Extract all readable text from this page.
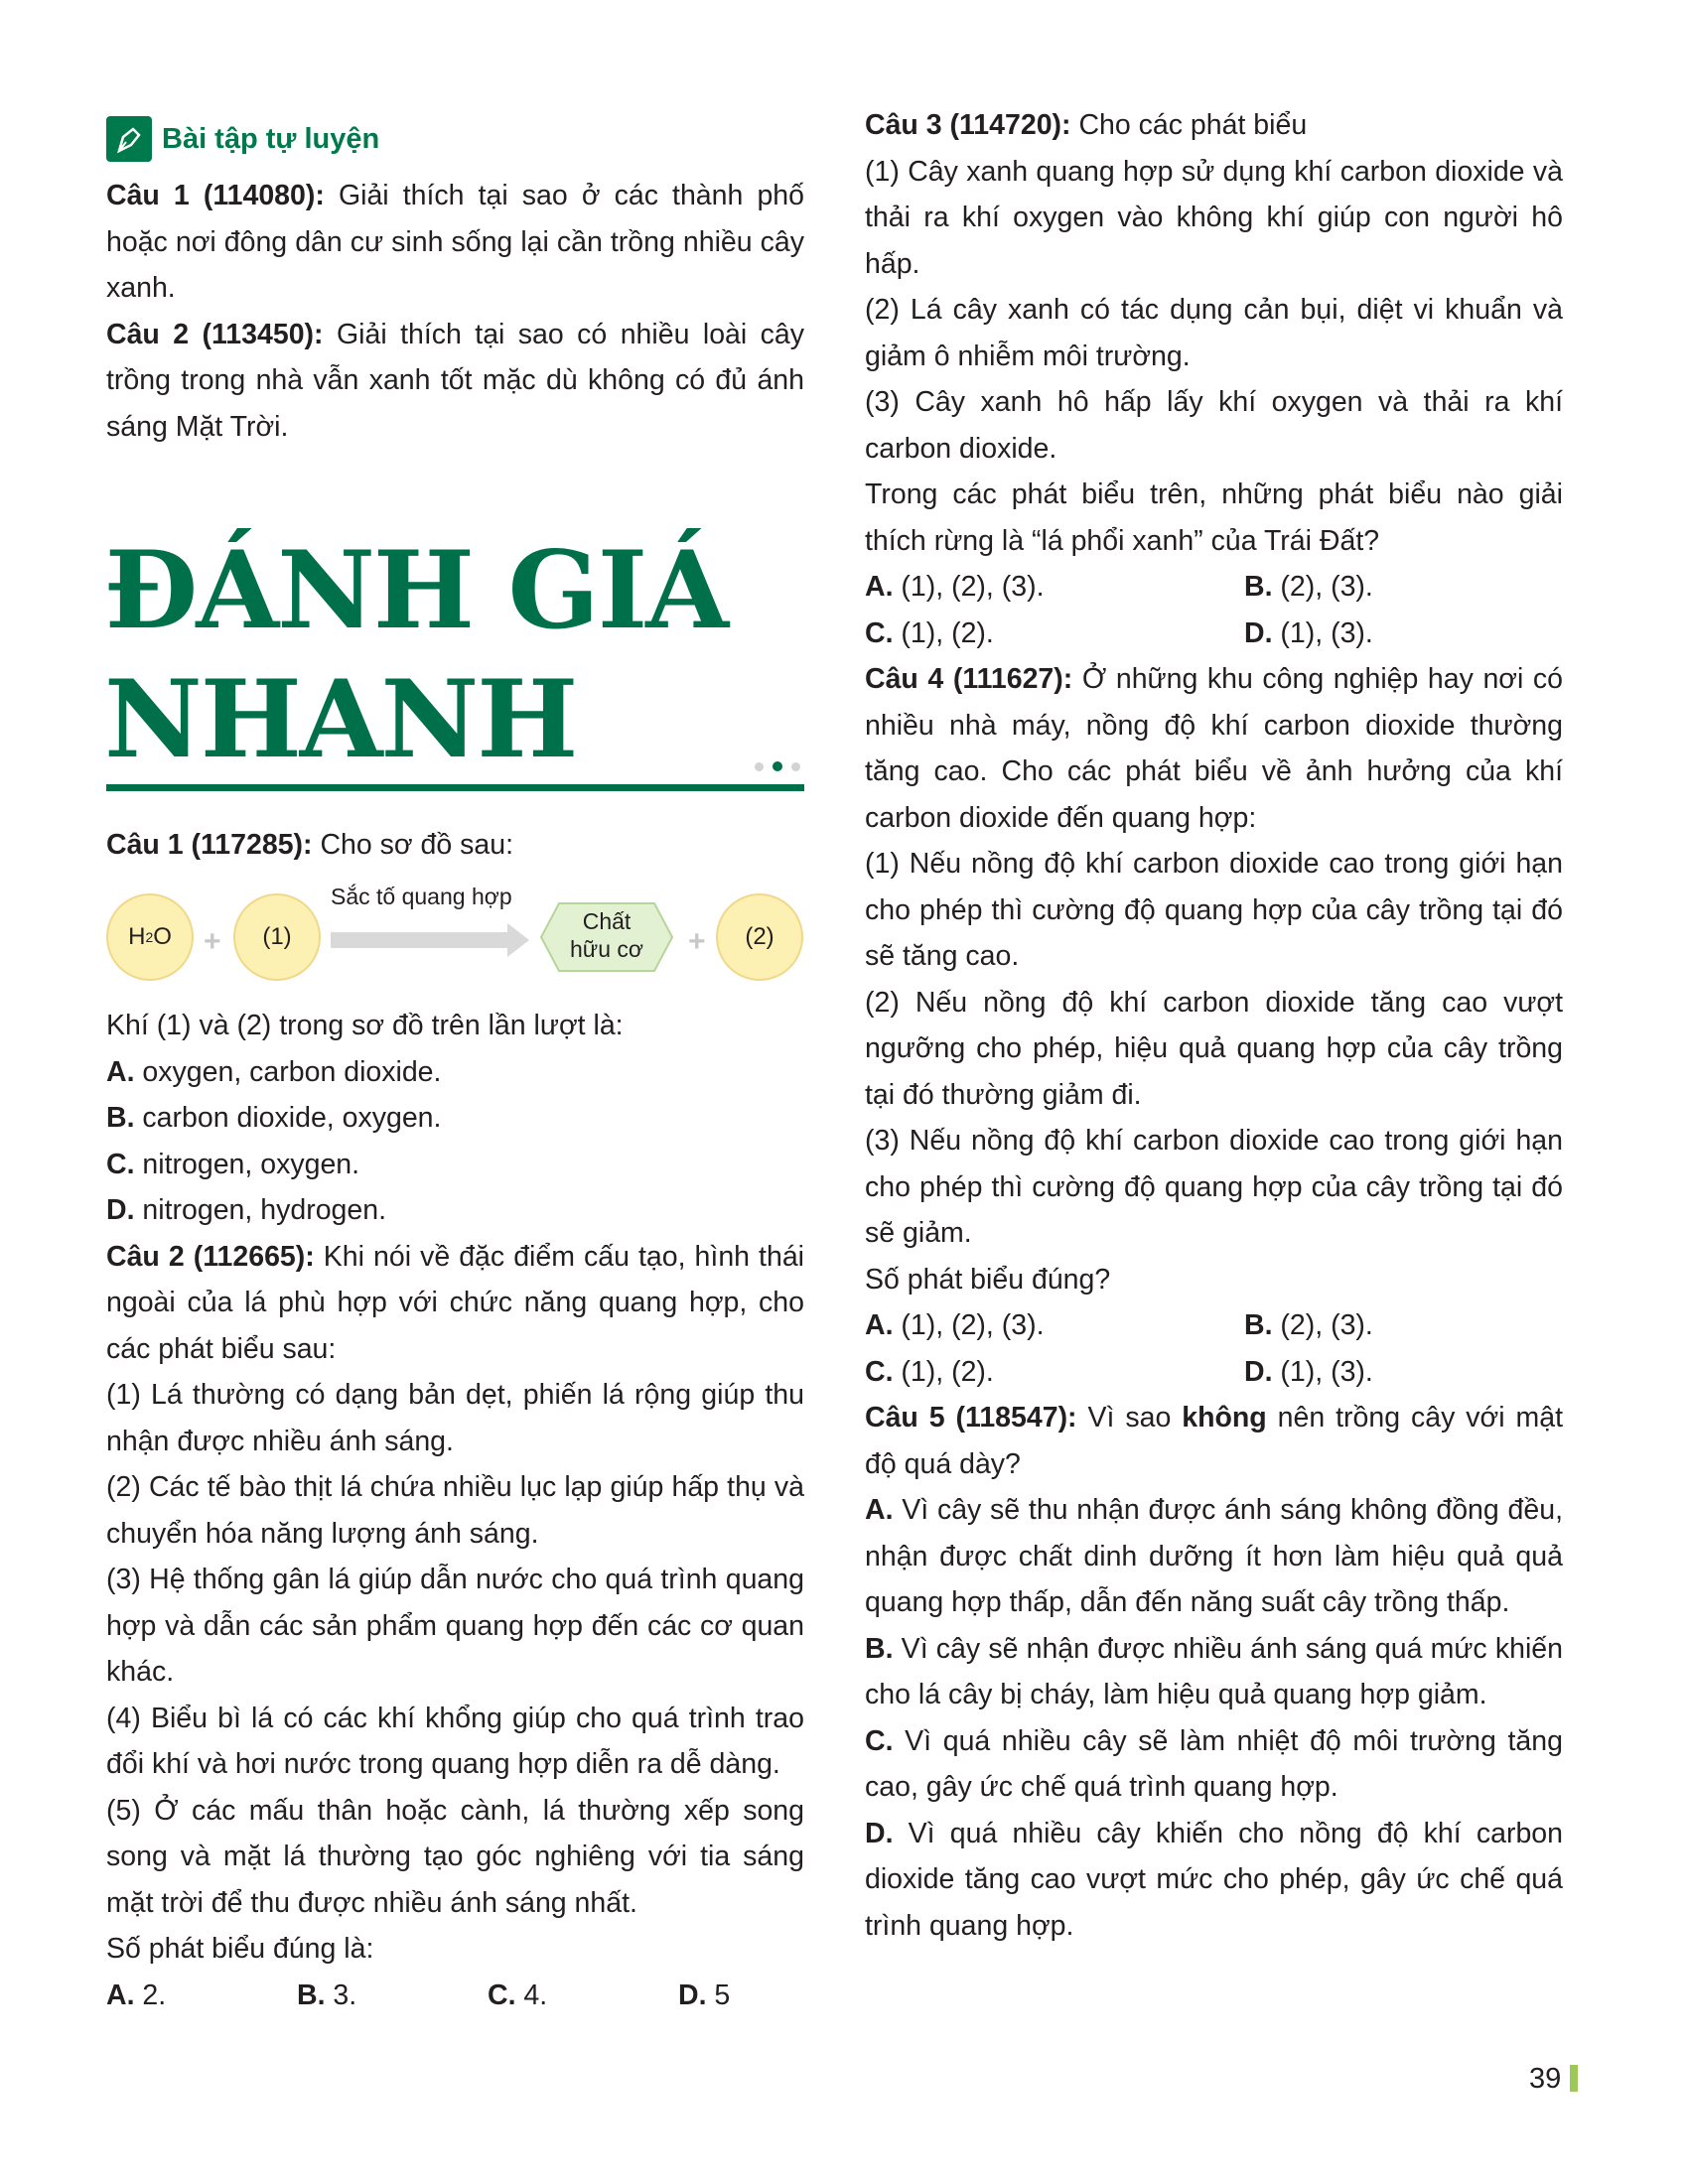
Bài tập tự luyện

Câu 1 (114080): Giải thích tại sao ở các thành phố hoặc nơi đông dân cư sinh sống lại cần trồng nhiều cây xanh.

Câu 2 (113450): Giải thích tại sao có nhiều loài cây trồng trong nhà vẫn xanh tốt mặc dù không có đủ ánh sáng Mặt Trời.

ĐÁNH GIÁ
NHANH

Câu 1 (117285): Cho sơ đồ sau:

H 2 O +	(1)
Sắc tố quang hợp
Chất
hữu cơ	+	(2)

Khí (1) và (2) trong sơ đồ trên lần lượt là:

A. oxygen, carbon dioxide.

B. carbon dioxide, oxygen.

C. nitrogen, oxygen.

D. nitrogen, hydrogen.

Câu 2 (112665): Khi nói về đặc điểm cấu tạo, hình thái ngoài của lá phù hợp với chức năng quang hợp, cho các phát biểu sau:

(1) Lá thường có dạng bản dẹt, phiến lá rộng giúp thu nhận được nhiều ánh sáng.

(2) Các tế bào thịt lá chứa nhiều lục lạp giúp hấp thụ và chuyển hóa năng lượng ánh sáng.

(3) Hệ thống gân lá giúp dẫn nước cho quá trình quang hợp và dẫn các sản phẩm quang hợp đến các cơ quan khác.

(4) Biểu bì lá có các khí khổng giúp cho quá trình trao đổi khí và hơi nước trong quang hợp diễn ra dễ dàng.

(5) Ở các mấu thân hoặc cành, lá thường xếp song song và mặt lá thường tạo góc nghiêng với tia sáng mặt trời để thu được nhiều ánh sáng nhất.

Số phát biểu đúng là:

A. 2.	B. 3.	C. 4.	D. 5

Câu 3 (114720): Cho các phát biểu

(1) Cây xanh quang hợp sử dụng khí carbon dioxide và thải ra khí oxygen vào không khí giúp con người hô hấp.

(2) Lá cây xanh có tác dụng cản bụi, diệt vi khuẩn và giảm ô nhiễm môi trường.

(3) Cây xanh hô hấp lấy khí oxygen và thải ra khí carbon dioxide.

Trong các phát biểu trên, những phát biểu nào giải thích rừng là “lá phổi xanh” của Trái Đất?

A. (1), (2), (3).	B. (2), (3).
C. (1), (2).	D. (1), (3).

Câu 4 (111627): Ở những khu công nghiệp hay nơi có nhiều nhà máy, nồng độ khí carbon dioxide thường tăng cao. Cho các phát biểu về ảnh hưởng của khí carbon dioxide đến quang hợp:

(1) Nếu nồng độ khí carbon dioxide cao trong giới hạn cho phép thì cường độ quang hợp của cây trồng tại đó sẽ tăng cao.

(2) Nếu nồng độ khí carbon dioxide tăng cao vượt ngưỡng cho phép, hiệu quả quang hợp của cây trồng tại đó thường giảm đi.

(3) Nếu nồng độ khí carbon dioxide cao trong giới hạn cho phép thì cường độ quang hợp của cây trồng tại đó sẽ giảm.

Số phát biểu đúng?

A. (1), (2), (3).	B. (2), (3).
C. (1), (2).	D. (1), (3).

Câu 5 (118547): Vì sao không nên trồng cây với mật độ quá dày?

A. Vì cây sẽ thu nhận được ánh sáng không đồng đều, nhận được chất dinh dưỡng ít hơn làm hiệu quả quả quang hợp thấp, dẫn đến năng suất cây trồng thấp.

B. Vì cây sẽ nhận được nhiều ánh sáng quá mức khiến cho lá cây bị cháy, làm hiệu quả quang hợp giảm.

C. Vì quá nhiều cây sẽ làm nhiệt độ môi trường tăng cao, gây ức chế quá trình quang hợp.

D. Vì quá nhiều cây khiến cho nồng độ khí carbon dioxide tăng cao vượt mức cho phép, gây ức chế quá trình quang hợp.

39
